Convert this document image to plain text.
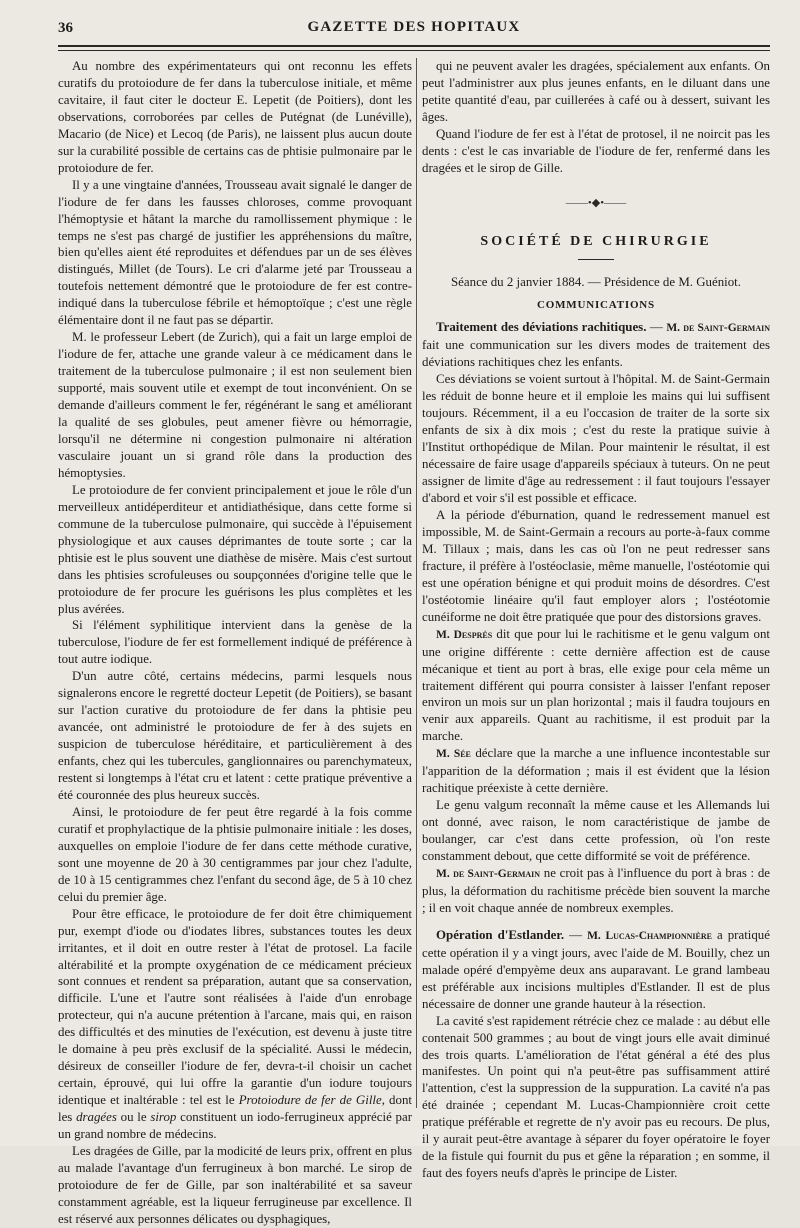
36	GAZETTE DES HOPITAUX

Au nombre des expérimentateurs qui ont reconnu les effets curatifs du protoiodure de fer dans la tuberculose initiale, et même cavitaire, il faut citer le docteur E. Lepetit (de Poitiers), dont les observations, corroborées par celles de Putégnat (de Lunéville), Macario (de Nice) et Lecoq (de Paris), ne laissent plus aucun doute sur la curabilité possible de certains cas de phtisie pulmonaire par le protoiodure de fer.

Il y a une vingtaine d'années, Trousseau avait signalé le danger de l'iodure de fer dans les fausses chloroses, comme provoquant l'hémoptysie et hâtant la marche du ramollissement phymique : le temps ne s'est pas chargé de justifier les appréhensions du maître, bien qu'elles aient été reproduites et défendues par un de ses élèves distingués, Millet (de Tours). Le cri d'alarme jeté par Trousseau a toutefois nettement démontré que le protoiodure de fer est contre-indiqué dans la tuberculose fébrile et hémoptoïque ; c'est une règle élémentaire dont il ne faut pas se départir.

M. le professeur Lebert (de Zurich), qui a fait un large emploi de l'iodure de fer, attache une grande valeur à ce médicament dans le traitement de la tuberculose pulmonaire ; il est non seulement bien supporté, mais souvent utile et exempt de tout inconvénient. On se demande d'ailleurs comment le fer, régénérant le sang et améliorant la qualité de ses globules, peut amener fièvre ou hémorragie, lorsqu'il ne détermine ni congestion pulmonaire ni altération vasculaire jouant un si grand rôle dans la production des hémoptysies.

Le protoiodure de fer convient principalement et joue le rôle d'un merveilleux antidéperditeur et antidiathésique, dans cette forme si commune de la tuberculose pulmonaire, qui succède à l'épuisement physiologique et aux causes déprimantes de toute sorte ; car la phtisie est le plus souvent une diathèse de misère. Mais c'est surtout dans les phtisies scrofuleuses ou soupçonnées d'origine telle que le protoiodure de fer procure les guérisons les plus complètes et les plus avérées.

Si l'élément syphilitique intervient dans la genèse de la tuberculose, l'iodure de fer est formellement indiqué de préférence à tout autre iodique.

D'un autre côté, certains médecins, parmi lesquels nous signalerons encore le regretté docteur Lepetit (de Poitiers), se basant sur l'action curative du protoiodure de fer dans la phtisie peu avancée, ont administré le protoiodure de fer à des sujets en suspicion de tuberculose héréditaire, et particulièrement à des enfants, chez qui les tubercules, ganglionnaires ou parenchymateux, restent si longtemps à l'état cru et latent : cette pratique préventive a été couronnée des plus heureux succès.

Ainsi, le protoiodure de fer peut être regardé à la fois comme curatif et prophylactique de la phtisie pulmonaire initiale : les doses, auxquelles on emploie l'iodure de fer dans cette méthode curative, sont une moyenne de 20 à 30 centigrammes par jour chez l'adulte, de 10 à 15 centigrammes chez l'enfant du second âge, de 5 à 10 chez celui du premier âge.

Pour être efficace, le protoiodure de fer doit être chimiquement pur, exempt d'iode ou d'iodates libres, substances toutes les deux irritantes, et il doit en outre rester à l'état de protosel. La facile altérabilité et la prompte oxygénation de ce médicament précieux sont connues et rendent sa préparation, autant que sa conservation, difficile. L'une et l'autre sont réalisées à l'aide d'un enrobage protecteur, qui n'a aucune prétention à l'arcane, mais qui, en raison des difficultés et des minuties de l'exécution, est devenu à juste titre le domaine à peu près exclusif de la spécialité. Aussi le médecin, désireux de conseiller l'iodure de fer, devra-t-il choisir un cachet certain, éprouvé, qui lui offre la garantie d'un iodure toujours identique et inaltérable : tel est le Protoiodure de fer de Gille, dont les dragées ou le sirop constituent un iodo-ferrugineux apprécié par un grand nombre de médecins.

Les dragées de Gille, par la modicité de leurs prix, offrent en plus au malade l'avantage d'un ferrugineux à bon marché. Le sirop de protoiodure de fer de Gille, par son inaltérabilité et sa saveur constamment agréable, est la liqueur ferrugineuse par excellence. Il est réservé aux personnes délicates ou dysphagiques,

qui ne peuvent avaler les dragées, spécialement aux enfants. On peut l'administrer aux plus jeunes enfants, en le diluant dans une petite quantité d'eau, par cuillerées à café ou à dessert, suivant les âges.

Quand l'iodure de fer est à l'état de protosel, il ne noircit pas les dents : c'est le cas invariable de l'iodure de fer, renfermé dans les dragées et le sirop de Gille.

——•◆•——
SOCIÉTÉ DE CHIRURGIE

Séance du 2 janvier 1884. — Présidence de M. Guéniot.

COMMUNICATIONS

Traitement des déviations rachitiques. — M. de Saint-Germain fait une communication sur les divers modes de traitement des déviations rachitiques chez les enfants.

Ces déviations se voient surtout à l'hôpital. M. de Saint-Germain les réduit de bonne heure et il emploie les mains qui lui suffisent toujours. Récemment, il a eu l'occasion de traiter de la sorte six enfants de six à dix mois ; c'est du reste la pratique suivie à l'Institut orthopédique de Milan. Pour maintenir le résultat, il est nécessaire de faire usage d'appareils spéciaux à tuteurs. On ne peut assigner de limite d'âge au redressement : il faut toujours l'essayer d'abord et voir s'il est possible et efficace.

A la période d'éburnation, quand le redressement manuel est impossible, M. de Saint-Germain a recours au porte-à-faux comme M. Tillaux ; mais, dans les cas où l'on ne peut redresser sans fracture, il préfère à l'ostéoclasie, même manuelle, l'ostéotomie qui est une opération bénigne et qui produit moins de désordres. C'est l'ostéotomie linéaire qu'il faut employer alors ; l'ostéotomie cunéiforme ne doit être pratiquée que pour des distorsions graves.

M. Després dit que pour lui le rachitisme et le genu valgum ont une origine différente : cette dernière affection est de cause mécanique et tient au port à bras, elle exige pour cela même un traitement différent qui pourra consister à laisser l'enfant reposer environ un mois sur un plan horizontal ; mais il faudra toujours en venir aux appareils. Quant au rachitisme, il est produit par la marche.

M. Sée déclare que la marche a une influence incontestable sur l'apparition de la déformation ; mais il est évident que la lésion rachitique préexiste à cette dernière.

Le genu valgum reconnaît la même cause et les Allemands lui ont donné, avec raison, le nom caractéristique de jambe de boulanger, car c'est dans cette profession, où l'on reste constamment debout, que cette difformité se voit de préférence.

M. de Saint-Germain ne croit pas à l'influence du port à bras : de plus, la déformation du rachitisme précède bien souvent la marche ; il en voit chaque année de nombreux exemples.

Opération d'Estlander. — M. Lucas-Championnière a pratiqué cette opération il y a vingt jours, avec l'aide de M. Bouilly, chez un malade opéré d'empyème deux ans auparavant. Le grand lambeau est préférable aux incisions multiples d'Estlander. Il est de plus nécessaire de donner une grande hauteur à la résection.

La cavité s'est rapidement rétrécie chez ce malade : au début elle contenait 500 grammes ; au bout de vingt jours elle avait diminué des trois quarts. L'amélioration de l'état général a été des plus manifestes. Un point qui n'a peut-être pas suffisamment attiré l'attention, c'est la suppression de la suppuration. La cavité n'a pas été drainée ; cependant M. Lucas-Championnière croit cette pratique préférable et regrette de n'y avoir pas eu recours. De plus, il y aurait peut-être avantage à séparer du foyer opératoire le foyer de la fistule qui fournit du pus et gêne la réparation ; en somme, il faut des foyers neufs d'après le principe de Lister.
